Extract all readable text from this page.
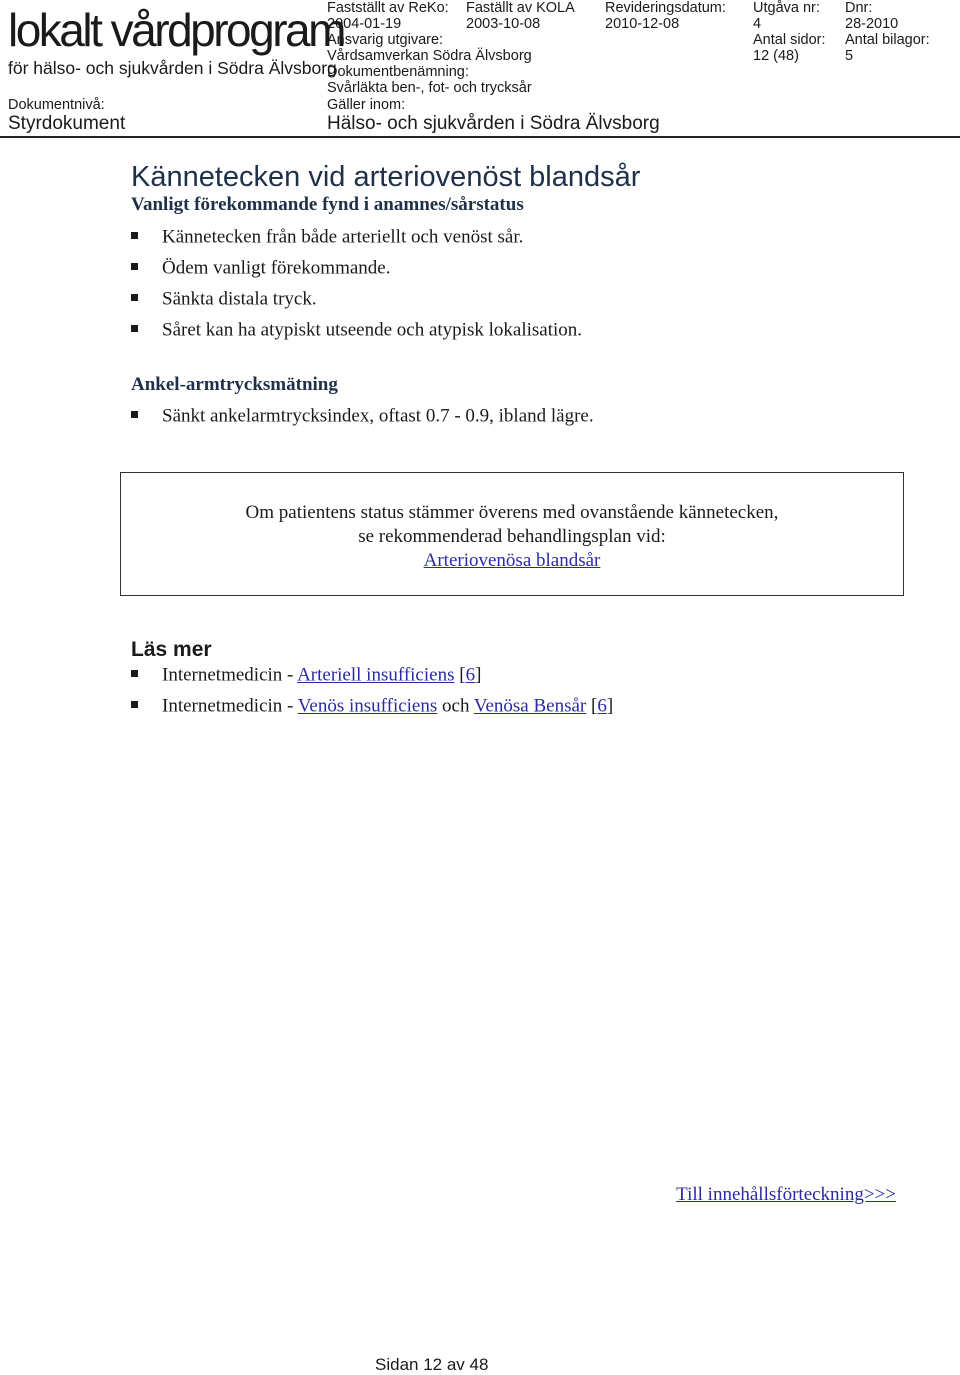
lokalt vårdprogram
för hälso- och sjukvården i Södra Älvsborg
Dokumentnivå:
Styrdokument
Fastställt av ReKo:
2004-01-19
Faställt av KOLA
2003-10-08
Revideringsdatum:
2010-12-08
Utgåva nr:
4
Dnr:
28-2010
Ansvarig utgivare:
Vårdsamverkan Södra Älvsborg
Antal sidor:
12 (48)
Antal bilagor:
5
Dokumentbenämning:
Svårläkta ben-, fot- och trycksår
Gäller inom:
Hälso- och sjukvården i Södra Älvsborg
Kännetecken vid arteriovenöst blandsår
Vanligt förekommande fynd i anamnes/sårstatus
Kännetecken från både arteriellt och venöst sår.
Ödem vanligt förekommande.
Sänkta distala tryck.
Såret kan ha atypiskt utseende och atypisk lokalisation.
Ankel-armtrycksmätning
Sänkt ankelarmtrycksindex, oftast 0.7 - 0.9, ibland lägre.
Om patientens status stämmer överens med ovanstående kännetecken,
se rekommenderad behandlingsplan vid:
Arteriovenösa blandsår
Läs mer
Internetmedicin - Arteriell insufficiens [6]
Internetmedicin - Venös insufficiens och Venösa Bensår [6]
Till innehållsförteckning>>>
Sidan 12 av 48
